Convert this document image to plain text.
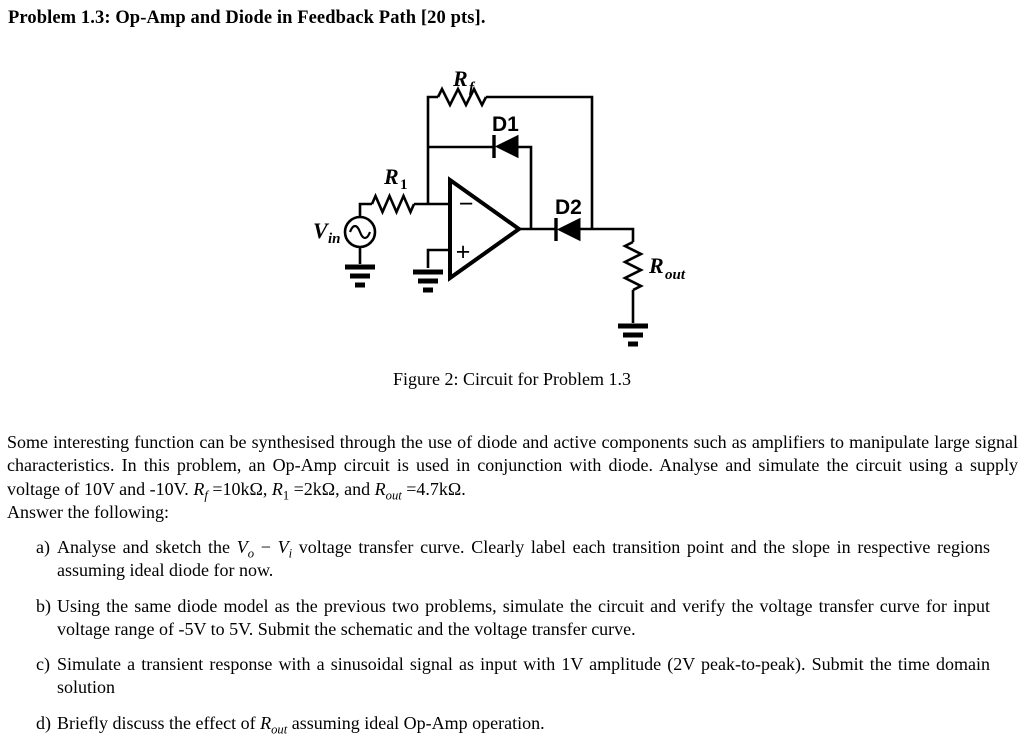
Problem 1.3: Op-Amp and Diode in Feedback Path [20 pts].
−
+
R f
D1
R 1
V in
D2
R out
Figure 2: Circuit for Problem 1.3

Some interesting function can be synthesised through the use of diode and active components such as amplifiers to manipulate large signal characteristics. In this problem, an Op-Amp circuit is used in conjunction with diode. Analyse and simulate the circuit using a supply voltage of 10V and -10V. $R_f =10k\Omega$, $R_1 =2k\Omega$, and $R_{out} =4.7k\Omega$.

Answer the following:

a) Analyse and sketch the $V_o - V_i$ voltage transfer curve. Clearly label each transition point and the slope in respective regions assuming ideal diode for now.
b) Using the same diode model as the previous two problems, simulate the circuit and verify the voltage transfer curve for input voltage range of -5V to 5V. Submit the schematic and the voltage transfer curve.
c) Simulate a transient response with a sinusoidal signal as input with 1V amplitude (2V peak-to-peak). Submit the time domain solution
d) Briefly discuss the effect of $R_{out}$ assuming ideal Op-Amp operation.
